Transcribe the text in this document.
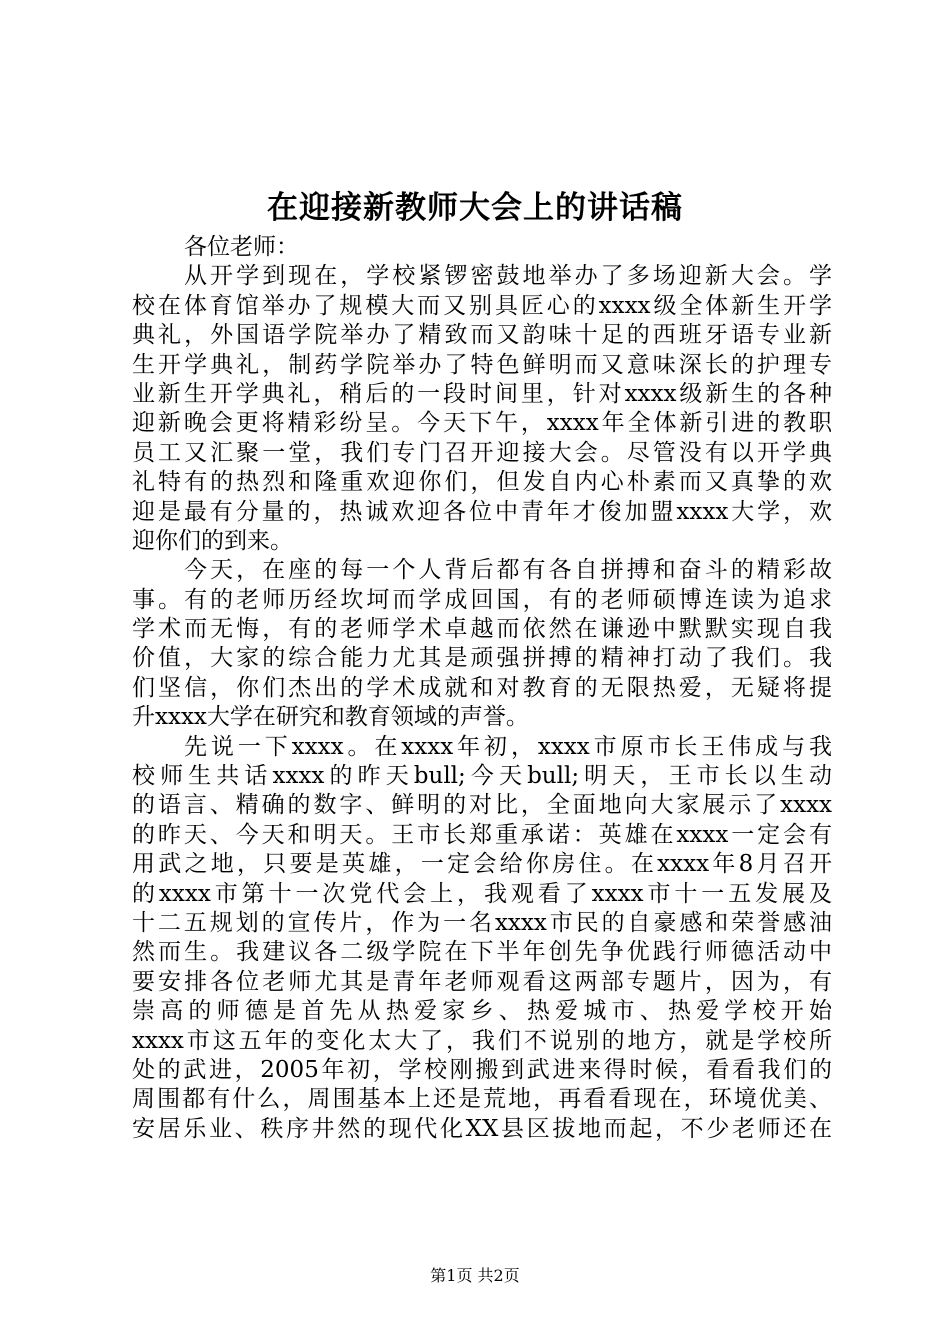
在迎接新教师大会上的讲话稿
各位老师：
从开学到现在，学校紧锣密鼓地举办了多场迎新大会。学
校在体育馆举办了规模大而又别具匠心的xxxx级全体新生开学
典礼，外国语学院举办了精致而又韵味十足的西班牙语专业新
生开学典礼，制药学院举办了特色鲜明而又意味深长的护理专
业新生开学典礼，稍后的一段时间里，针对xxxx级新生的各种
迎新晚会更将精彩纷呈。今天下午，xxxx年全体新引进的教职
员工又汇聚一堂，我们专门召开迎接大会。尽管没有以开学典
礼特有的热烈和隆重欢迎你们，但发自内心朴素而又真挚的欢
迎是最有分量的，热诚欢迎各位中青年才俊加盟xxxx大学，欢
迎你们的到来。
今天，在座的每一个人背后都有各自拼搏和奋斗的精彩故
事。有的老师历经坎坷而学成回国，有的老师硕博连读为追求
学术而无悔，有的老师学术卓越而依然在谦逊中默默实现自我
价值，大家的综合能力尤其是顽强拼搏的精神打动了我们。我
们坚信，你们杰出的学术成就和对教育的无限热爱，无疑将提
升xxxx大学在研究和教育领域的声誉。
先说一下xxxx。在xxxx年初，xxxx市原市长王伟成与我
校师生共话xxxx的昨天bull;今天bull;明天，王市长以生动
的语言、精确的数字、鲜明的对比，全面地向大家展示了xxxx
的昨天、今天和明天。王市长郑重承诺：英雄在xxxx一定会有
用武之地，只要是英雄，一定会给你房住。在xxxx年8月召开
的xxxx市第十一次党代会上，我观看了xxxx市十一五发展及
十二五规划的宣传片，作为一名xxxx市民的自豪感和荣誉感油
然而生。我建议各二级学院在下半年创先争优践行师德活动中
要安排各位老师尤其是青年老师观看这两部专题片，因为，有
崇高的师德是首先从热爱家乡、热爱城市、热爱学校开始
xxxx市这五年的变化太大了，我们不说别的地方，就是学校所
处的武进，2005年初，学校刚搬到武进来得时候，看看我们的
周围都有什么，周围基本上还是荒地，再看看现在，环境优美、
安居乐业、秩序井然的现代化XX县区拔地而起，不少老师还在
第1页 共2页
